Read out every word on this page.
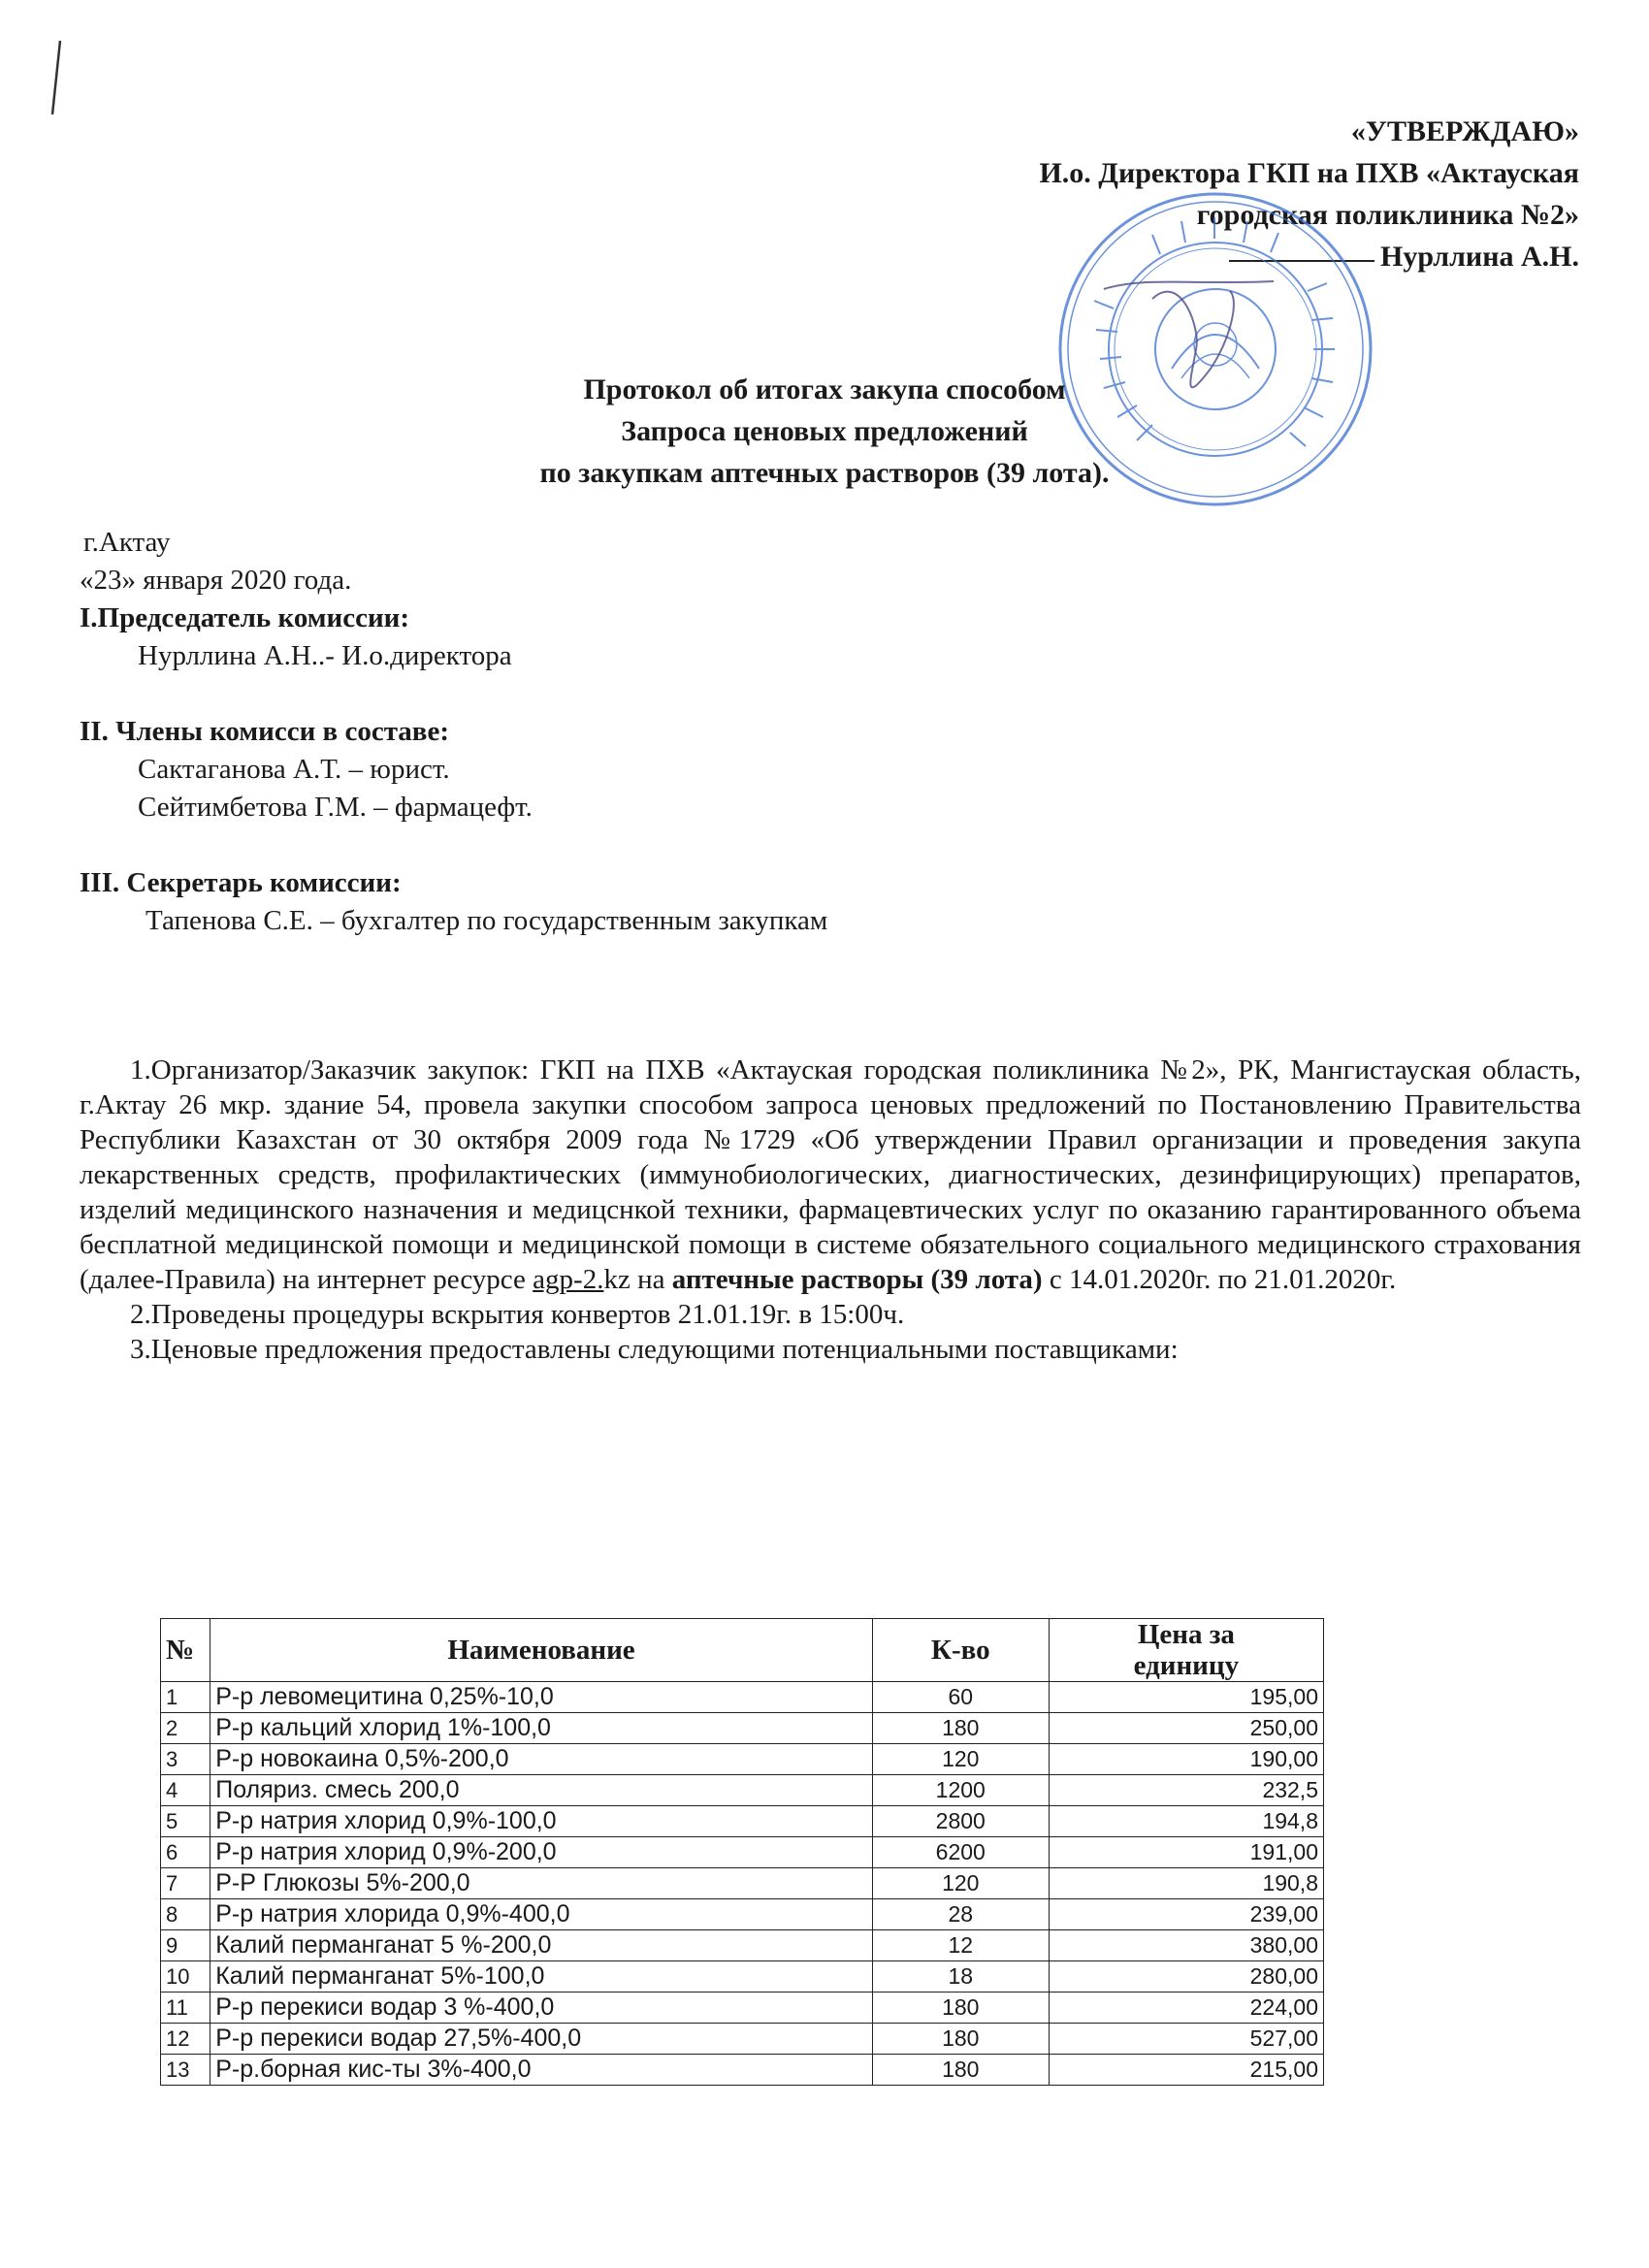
«УТВЕРЖДАЮ»
И.о. Директора ГКП на ПХВ «Актауская
городская поликлиника №2»
Нурллина А.Н.
Протокол об итогах закупа способом
Запроса ценовых предложений
по закупкам аптечных растворов (39 лота).

г.Актау

«23» января 2020 года.

I.Председатель комиссии:

Нурллина А.Н..- И.о.директора

II. Члены комисси в составе:

Сактаганова А.Т. – юрист.

Сейтимбетова Г.М. – фармацефт.

III. Секретарь комиссии:

Тапенова С.Е. – бухгалтер по государственным закупкам

1.Организатор/Заказчик закупок: ГКП на ПХВ «Актауская городская поликлиника №2», РК, Мангистауская область, г.Актау 26 мкр. здание 54, провела закупки способом запроса ценовых предложений по Постановлению Правительства Республики Казахстан от 30 октября 2009 года №1729 «Об утверждении Правил организации и проведения закупа лекарственных средств, профилактических (иммунобиологических, диагностических, дезинфицирующих) препаратов, изделий медицинского назначения и медицснкой техники, фармацевтических услуг по оказанию гарантированного объема бесплатной медицинской помощи и медицинской помощи в системе обязательного социального медицинского страхования (далее-Правила) на интернет ресурсе agp-2.kz на аптечные растворы (39 лота) с 14.01.2020г. по 21.01.2020г.

2.Проведены процедуры вскрытия конвертов 21.01.19г. в 15:00ч.

3.Ценовые предложения предоставлены следующими потенциальными поставщиками:

№	Наименование	К-во	Цена за
единицу

1	Р-р левомецитина 0,25%-10,0	60	195,00
2	Р-р кальций хлорид 1%-100,0	180	250,00
3	Р-р новокаина 0,5%-200,0	120	190,00
4	Поляриз. смесь 200,0	1200	232,5
5	Р-р натрия хлорид 0,9%-100,0	2800	194,8
6	Р-р натрия хлорид 0,9%-200,0	6200	191,00
7	Р-Р Глюкозы 5%-200,0	120	190,8
8	Р-р натрия хлорида 0,9%-400,0	28	239,00
9	Калий перманганат 5 %-200,0	12	380,00
10	Калий перманганат 5%-100,0	18	280,00
11	Р-р перекиси водар 3 %-400,0	180	224,00
12	Р-р перекиси водар 27,5%-400,0	180	527,00
13	Р-р.борная кис-ты 3%-400,0	180	215,00
